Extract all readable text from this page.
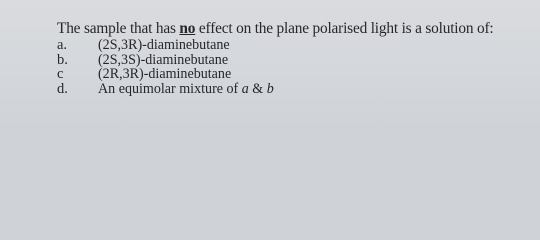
The sample that has no effect on the plane polarised light is a solution of:
a.	(2S,3R)-diaminebutane
b.	(2S,3S)-diaminebutane
c	(2R,3R)-diaminebutane
d.	An equimolar mixture of a & b
